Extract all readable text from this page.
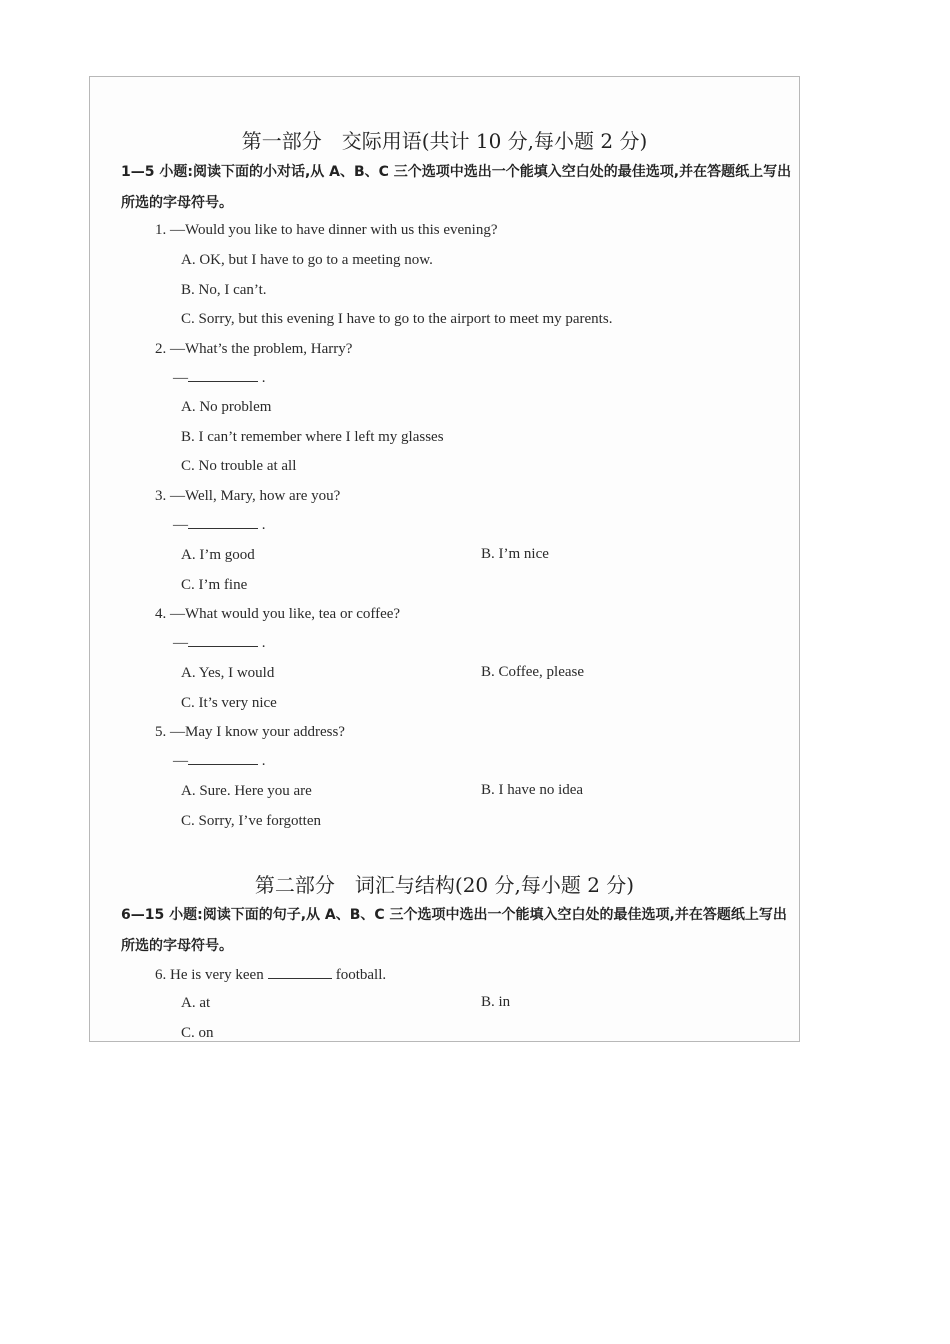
第一部分　交际用语(共计 10 分,每小题 2 分)

1—5 小题:阅读下面的小对话,从 A、B、C 三个选项中选出一个能填入空白处的最佳选项,并在答题纸上写出所选的字母符号。

1. —Would you like to have dinner with us this evening?

A. OK, but I have to go to a meeting now.

B. No, I can’t.

C. Sorry, but this evening I have to go to the airport to meet my parents.

2. —What’s the problem, Harry?

—	.

A. No problem

B. I can’t remember where I left my glasses

C. No trouble at all

3. —Well, Mary, how are you?

—	.

A. I’m good	B. I’m nice

C. I’m fine

4. —What would you like, tea or coffee?

—	.

A. Yes, I would	B. Coffee, please

C. It’s very nice

5. —May I know your address?

—	.

A. Sure. Here you are	B. I have no idea

C. Sorry, I’ve forgotten

第二部分　词汇与结构(20 分,每小题 2 分)

6—15 小题:阅读下面的句子,从 A、B、C 三个选项中选出一个能填入空白处的最佳选项,并在答题纸上写出所选的字母符号。

6. He is very keen	football.

A. at	B. in

C. on
